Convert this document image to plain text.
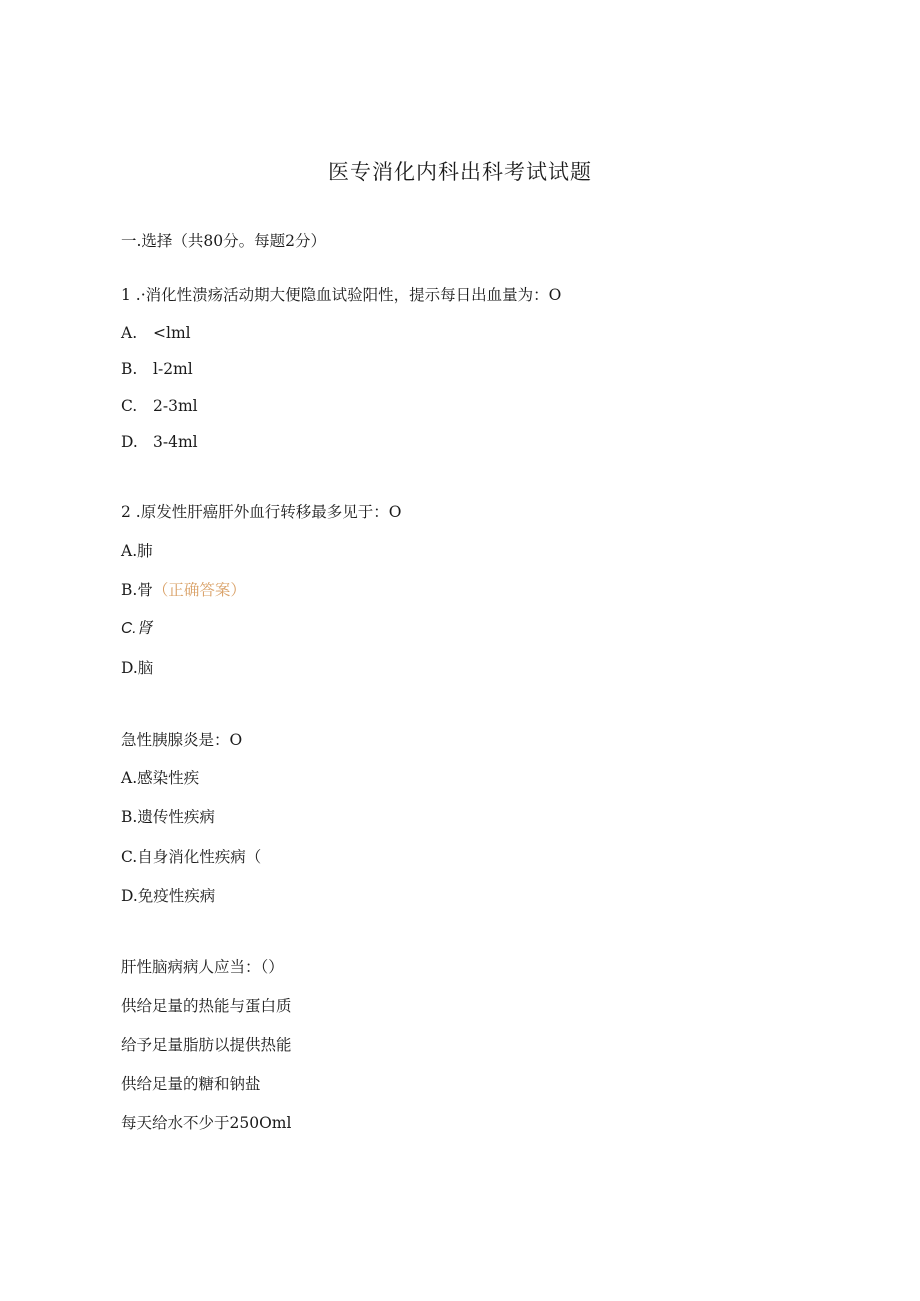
医专消化内科出科考试试题
一.选择（共80分。每题2分）
1 .·消化性溃疡活动期大便隐血试验阳性，提示每日出血量为：O
A. <lml
B. l-2ml
C. 2-3ml
D. 3-4ml
2 .原发性肝癌肝外血行转移最多见于：O
A.肺
B.骨（正确答案）
C.肾
D.脑
急性胰腺炎是：O
A.感染性疾
B.遗传性疾病
C.自身消化性疾病（
D.免疫性疾病
肝性脑病病人应当：（）
供给足量的热能与蛋白质
给予足量脂肪以提供热能
供给足量的糖和钠盐
每天给水不少于250Oml
